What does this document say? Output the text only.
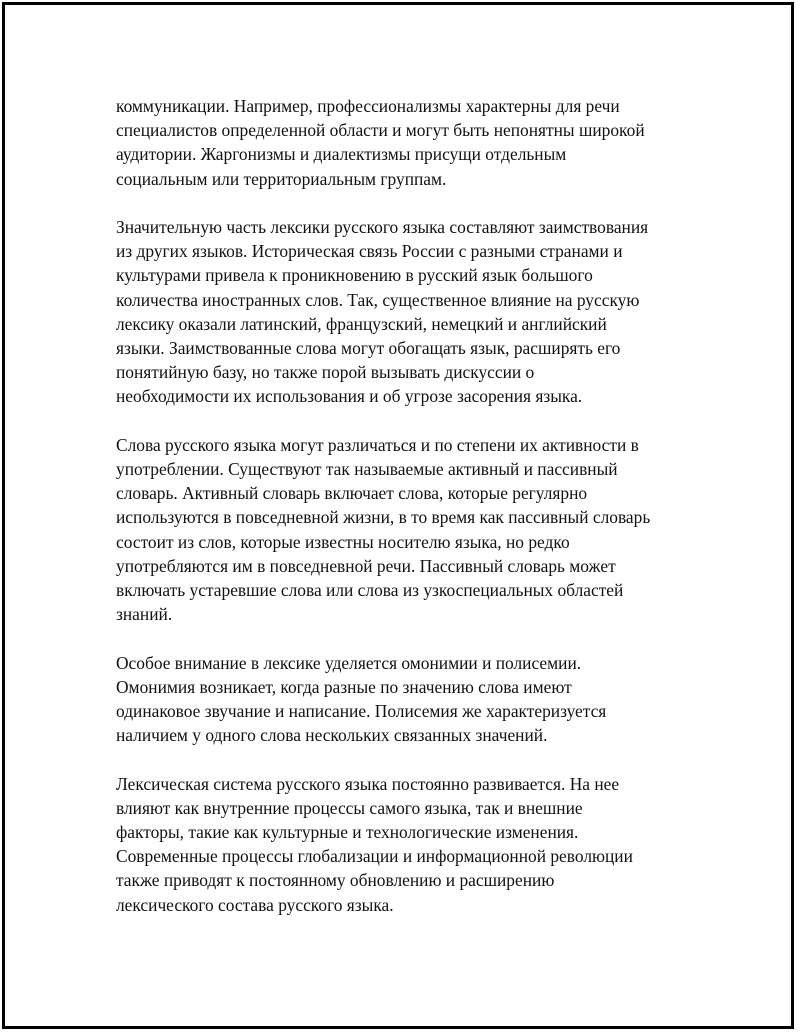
коммуникации. Например, профессионализмы характерны для речи
специалистов определенной области и могут быть непонятны широкой
аудитории. Жаргонизмы и диалектизмы присущи отдельным
социальным или территориальным группам.

Значительную часть лексики русского языка составляют заимствования
из других языков. Историческая связь России с разными странами и
культурами привела к проникновению в русский язык большого
количества иностранных слов. Так, существенное влияние на русскую
лексику оказали латинский, французский, немецкий и английский
языки. Заимствованные слова могут обогащать язык, расширять его
понятийную базу, но также порой вызывать дискуссии о
необходимости их использования и об угрозе засорения языка.

Слова русского языка могут различаться и по степени их активности в
употреблении. Существуют так называемые активный и пассивный
словарь. Активный словарь включает слова, которые регулярно
используются в повседневной жизни, в то время как пассивный словарь
состоит из слов, которые известны носителю языка, но редко
употребляются им в повседневной речи. Пассивный словарь может
включать устаревшие слова или слова из узкоспециальных областей
знаний.

Особое внимание в лексике уделяется омонимии и полисемии.
Омонимия возникает, когда разные по значению слова имеют
одинаковое звучание и написание. Полисемия же характеризуется
наличием у одного слова нескольких связанных значений.

Лексическая система русского языка постоянно развивается. На нее
влияют как внутренние процессы самого языка, так и внешние
факторы, такие как культурные и технологические изменения.
Современные процессы глобализации и информационной революции
также приводят к постоянному обновлению и расширению
лексического состава русского языка.
